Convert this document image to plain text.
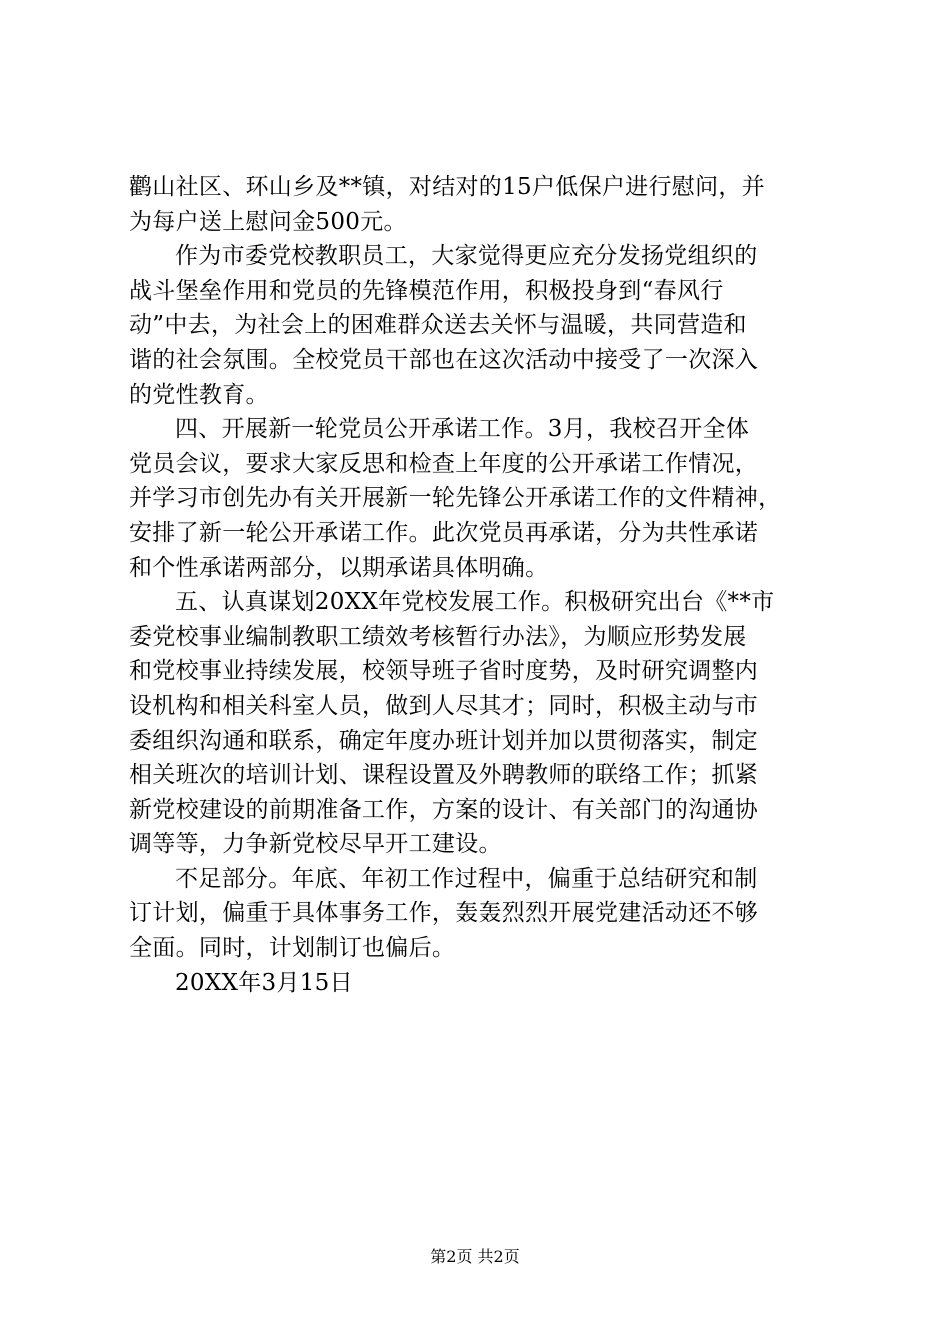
鹳山社区、环山乡及**镇，对结对的15户低保户进行慰问，并
为每户送上慰问金500元。
作为市委党校教职员工，大家觉得更应充分发扬党组织的
战斗堡垒作用和党员的先锋模范作用，积极投身到“春风行
动”中去，为社会上的困难群众送去关怀与温暖，共同营造和
谐的社会氛围。全校党员干部也在这次活动中接受了一次深入
的党性教育。
四、开展新一轮党员公开承诺工作。3月，我校召开全体
党员会议，要求大家反思和检查上年度的公开承诺工作情况，
并学习市创先办有关开展新一轮先锋公开承诺工作的文件精神，
安排了新一轮公开承诺工作。此次党员再承诺，分为共性承诺
和个性承诺两部分，以期承诺具体明确。
五、认真谋划20XX年党校发展工作。积极研究出台《**市
委党校事业编制教职工绩效考核暂行办法》，为顺应形势发展
和党校事业持续发展，校领导班子省时度势，及时研究调整内
设机构和相关科室人员，做到人尽其才；同时，积极主动与市
委组织沟通和联系，确定年度办班计划并加以贯彻落实，制定
相关班次的培训计划、课程设置及外聘教师的联络工作；抓紧
新党校建设的前期准备工作，方案的设计、有关部门的沟通协
调等等，力争新党校尽早开工建设。
不足部分。年底、年初工作过程中，偏重于总结研究和制
订计划，偏重于具体事务工作，轰轰烈烈开展党建活动还不够
全面。同时，计划制订也偏后。
20XX年3月15日
第2页 共2页
